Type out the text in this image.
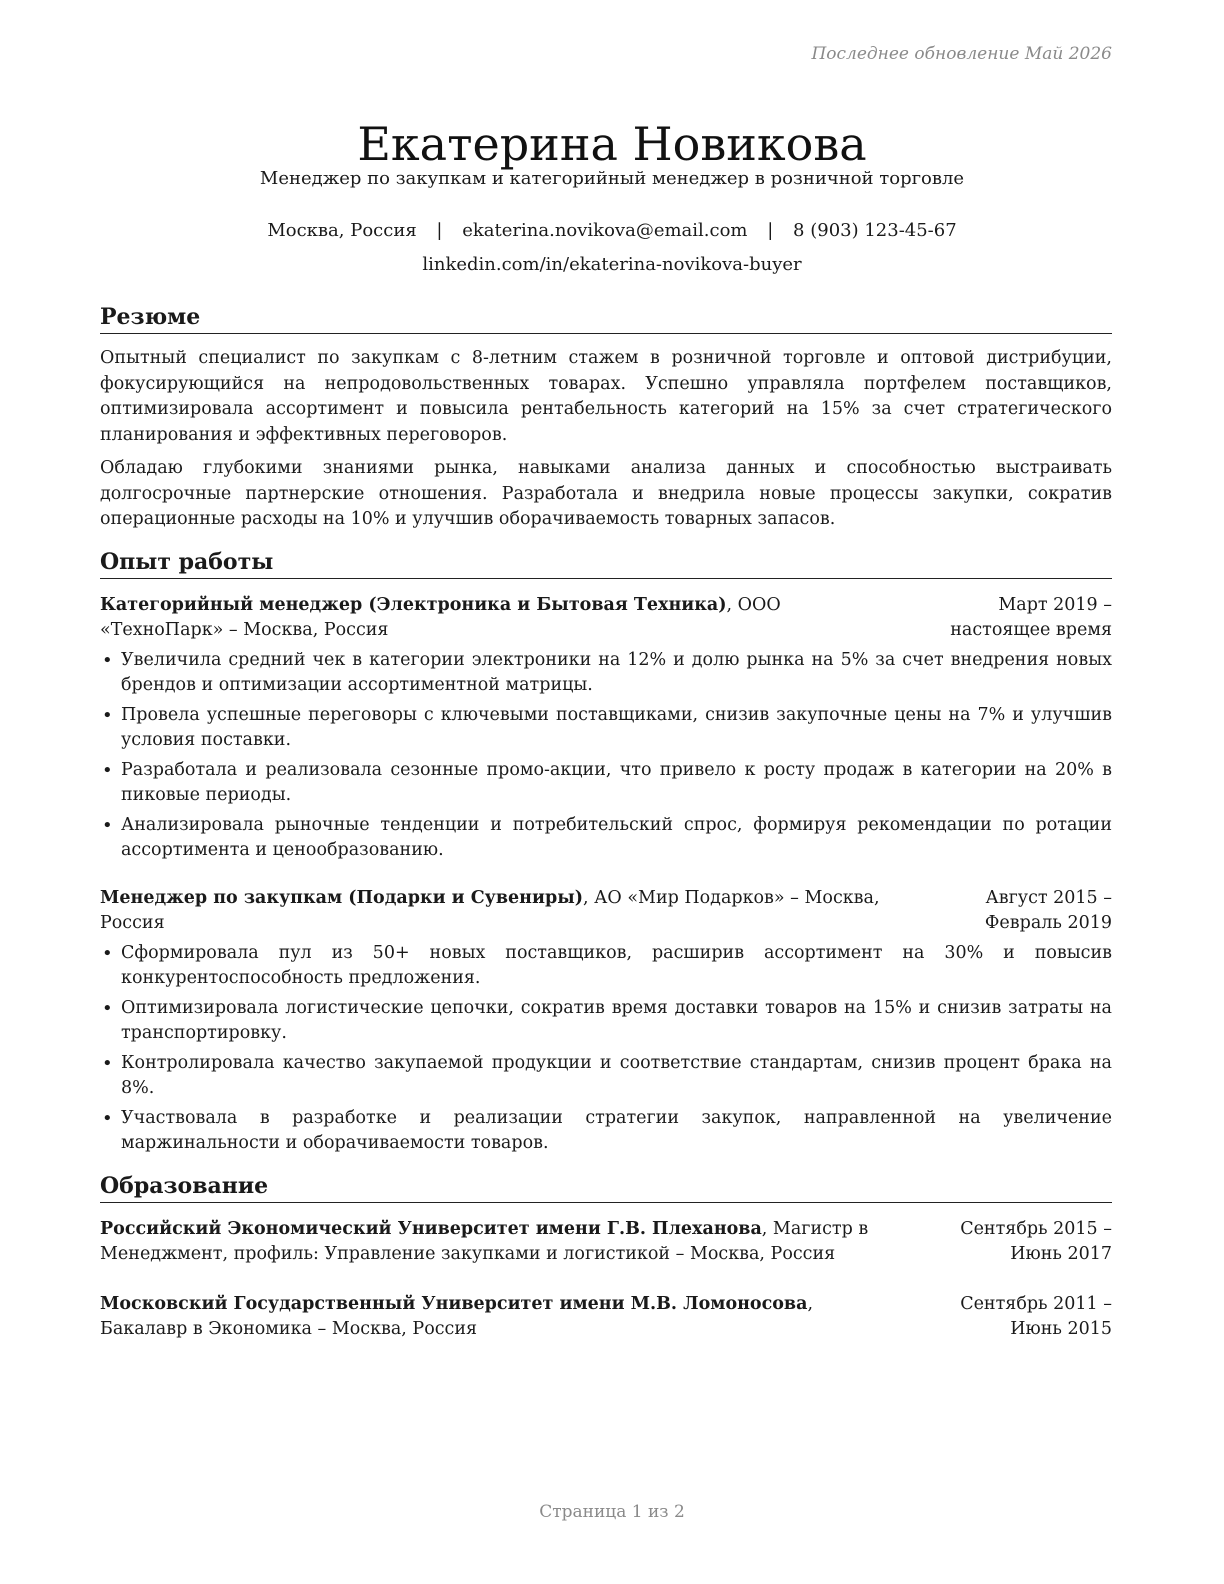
Последнее обновление Май 2026
Екатерина Новикова
Менеджер по закупкам и категорийный менеджер в розничной торговле
Москва, Россия | ekaterina.novikova@email.com | 8 (903) 123-45-67
linkedin.com/in/ekaterina-novikova-buyer
Резюме

Опытный специалист по закупкам с 8-летним стажем в розничной торговле и оптовой дистрибуции, фокусирующийся на непродовольственных товарах. Успешно управляла портфелем поставщиков, оптимизировала ассортимент и повысила рентабельность категорий на 15% за счет стратегического планирования и эффективных переговоров.

Обладаю глубокими знаниями рынка, навыками анализа данных и способностью выстраивать долгосрочные партнерские отношения. Разработала и внедрила новые процессы закупки, сократив операционные расходы на 10% и улучшив оборачиваемость товарных запасов.

Опыт работы
Категорийный менеджер (Электроника и Бытовая Техника), ООО «ТехноПарк» – Москва, Россия
Март 2019 – настоящее время
• Увеличила средний чек в категории электроники на 12% и долю рынка на 5% за счет внедрения новых брендов и оптимизации ассортиментной матрицы.
• Провела успешные переговоры с ключевыми поставщиками, снизив закупочные цены на 7% и улучшив условия поставки.
• Разработала и реализовала сезонные промо-акции, что привело к росту продаж в категории на 20% в пиковые периоды.
• Анализировала рыночные тенденции и потребительский спрос, формируя рекомендации по ротации ассортимента и ценообразованию.
Менеджер по закупкам (Подарки и Сувениры), АО «Мир Подарков» – Москва, Россия
Август 2015 – Февраль 2019
• Сформировала пул из 50+ новых поставщиков, расширив ассортимент на 30% и повысив конкурентоспособность предложения.
• Оптимизировала логистические цепочки, сократив время доставки товаров на 15% и снизив затраты на транспортировку.
• Контролировала качество закупаемой продукции и соответствие стандартам, снизив процент брака на 8%.
• Участвовала в разработке и реализации стратегии закупок, направленной на увеличение маржинальности и оборачиваемости товаров.
Образование
Российский Экономический Университет имени Г.В. Плеханова, Магистр в Менеджмент, профиль: Управление закупками и логистикой – Москва, Россия
Сентябрь 2015 – Июнь 2017
Московский Государственный Университет имени М.В. Ломоносова, Бакалавр в Экономика – Москва, Россия
Сентябрь 2011 – Июнь 2015
Страница 1 из 2
